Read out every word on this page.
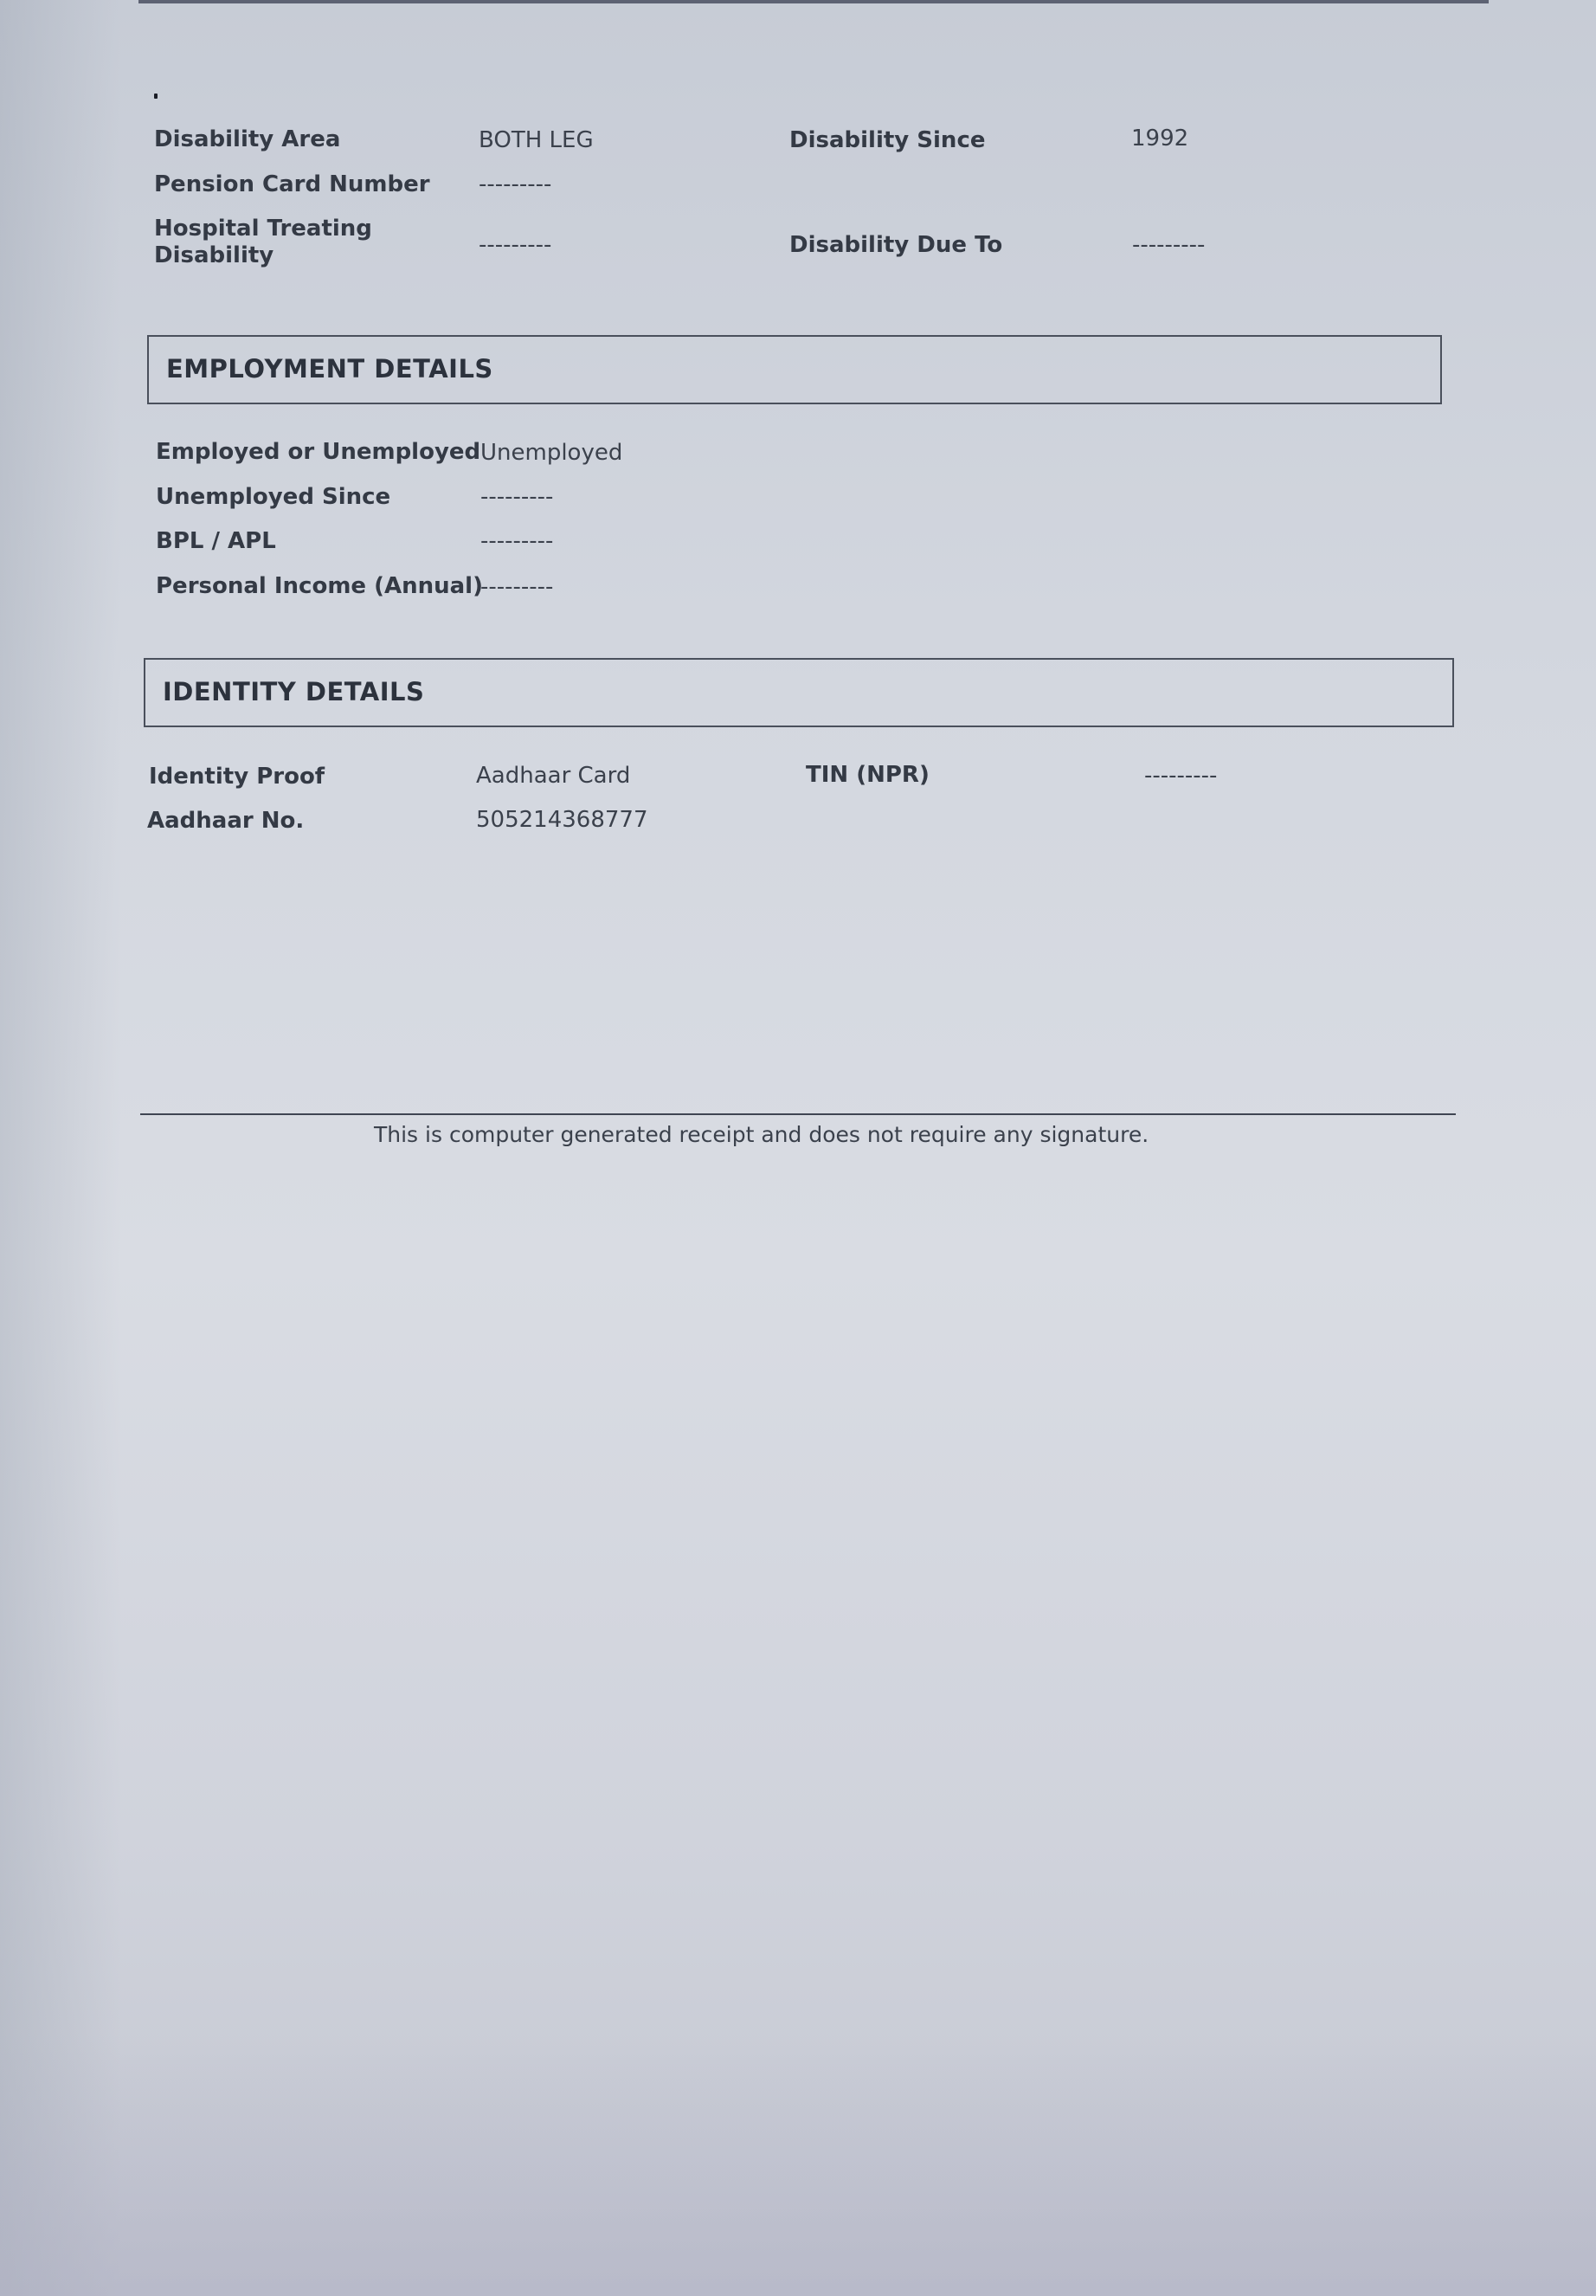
Disability Area	BOTH LEG	Disability Since	1992
Pension Card Number ---------
Hospital Treating
Disability	---------	Disability Due To	---------
EMPLOYMENT DETAILS
Employed or Unemployed Unemployed
Unemployed Since	---------
BPL / APL	---------
Personal Income (Annual)
---------
IDENTITY DETAILS
Identity Proof	Aadhaar Card	TIN (NPR)	---------
Aadhaar No.	505214368777
This is computer generated receipt and does not require any signature.
